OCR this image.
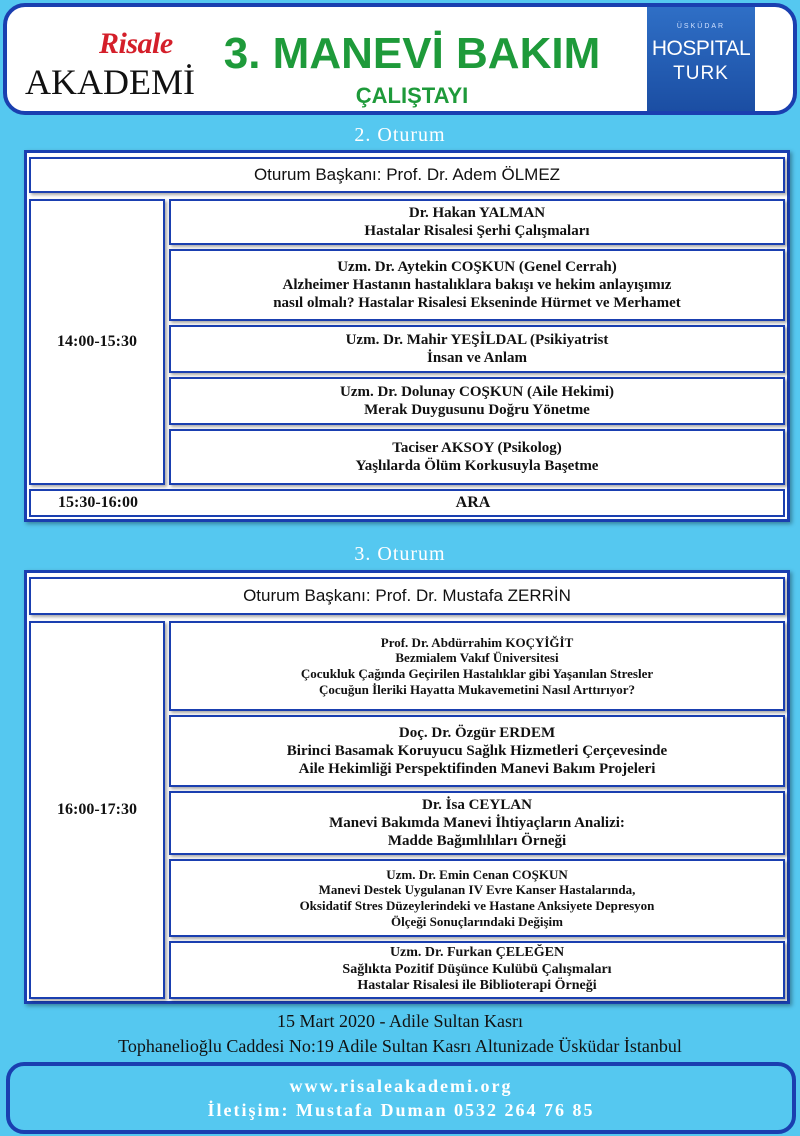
Risale
AKADEMİ
3. MANEVİ BAKIM
ÇALIŞTAYI
ÜSKÜDAR
HOSPITAL
TURK
2. Oturum
Oturum Başkanı: Prof. Dr. Adem ÖLMEZ
14:00-15:30
Dr. Hakan YALMAN
Hastalar Risalesi Şerhi Çalışmaları
Uzm. Dr. Aytekin COŞKUN (Genel Cerrah)
Alzheimer Hastanın hastalıklara bakışı ve hekim anlayışımız
nasıl olmalı? Hastalar Risalesi Ekseninde Hürmet ve Merhamet
Uzm. Dr. Mahir YEŞİLDAL (Psikiyatrist
İnsan ve Anlam
Uzm. Dr. Dolunay COŞKUN (Aile Hekimi)
Merak Duygusunu Doğru Yönetme
Taciser AKSOY (Psikolog)
Yaşlılarda Ölüm Korkusuyla Başetme
15:30-16:00	ARA
3. Oturum
Oturum Başkanı: Prof. Dr. Mustafa ZERRİN
16:00-17:30
Prof. Dr. Abdürrahim KOÇYİĞİT
Bezmialem Vakıf Üniversitesi
Çocukluk Çağında Geçirilen Hastalıklar gibi Yaşanılan Stresler
Çocuğun İleriki Hayatta Mukavemetini Nasıl Arttırıyor?
Doç. Dr. Özgür ERDEM
Birinci Basamak Koruyucu Sağlık Hizmetleri Çerçevesinde
Aile Hekimliği Perspektifinden Manevi Bakım Projeleri
Dr. İsa CEYLAN
Manevi Bakımda Manevi İhtiyaçların Analizi:
Madde Bağımlılıları Örneği
Uzm. Dr. Emin Cenan COŞKUN
Manevi Destek Uygulanan IV Evre Kanser Hastalarında,
Oksidatif Stres Düzeylerindeki ve Hastane Anksiyete Depresyon
Ölçeği Sonuçlarındaki Değişim
Uzm. Dr. Furkan ÇELEĞEN
Sağlıkta Pozitif Düşünce Kulübü Çalışmaları
Hastalar Risalesi ile Biblioterapi Örneği
15 Mart 2020 - Adile Sultan Kasrı
Tophanelioğlu Caddesi No:19 Adile Sultan Kasrı Altunizade Üsküdar İstanbul
www.risaleakademi.org
İletişim: Mustafa Duman 0532 264 76 85
